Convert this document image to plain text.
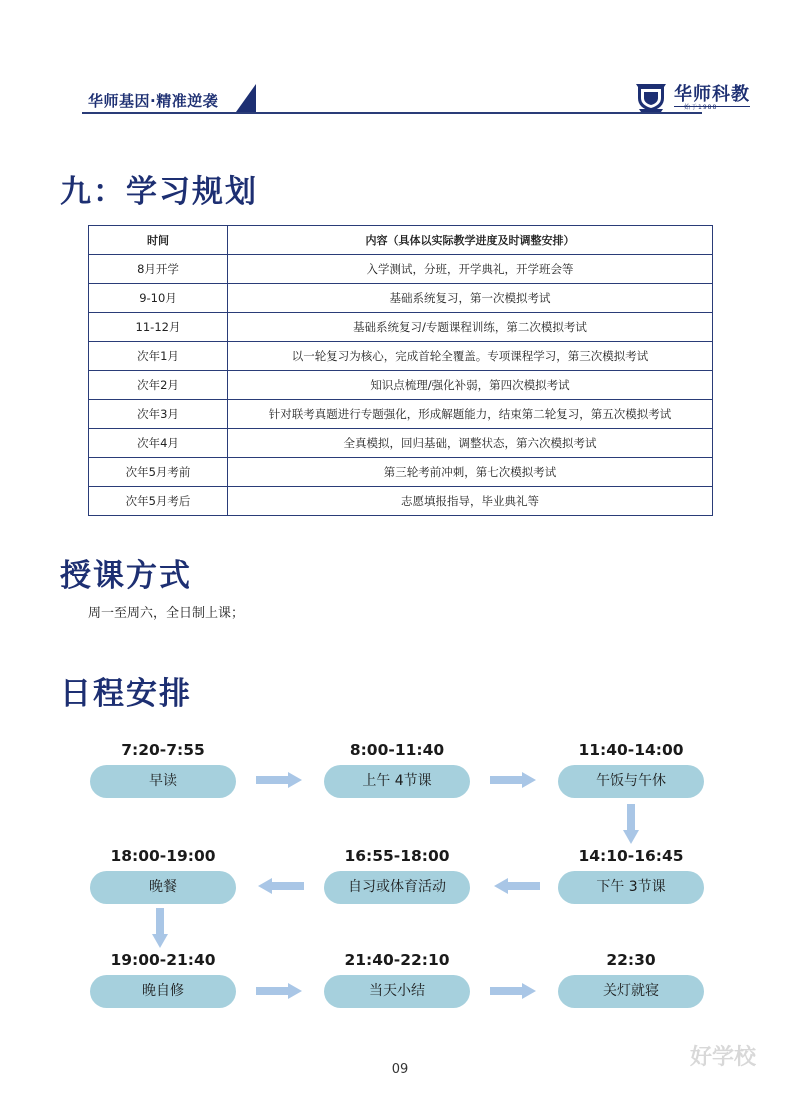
华师基因·精准逆袭	华师科教
始于1988
九：学习规划
时间	内容（具体以实际教学进度及时调整安排）
8月开学	入学测试，分班，开学典礼，开学班会等
9-10月	基础系统复习，第一次模拟考试
11-12月	基础系统复习/专题课程训练，第二次模拟考试
次年1月	以一轮复习为核心，完成首轮全覆盖。专项课程学习，第三次模拟考试
次年2月	知识点梳理/强化补弱，第四次模拟考试
次年3月	针对联考真题进行专题强化，形成解题能力，结束第二轮复习，第五次模拟考试
次年4月	全真模拟，回归基础，调整状态，第六次模拟考试
次年5月考前	第三轮考前冲刺，第七次模拟考试
次年5月考后	志愿填报指导，毕业典礼等
授课方式
周一至周六，全日制上课；
日程安排
7:20-7:55
早读
8:00-11:40
上午 4节课
11:40-14:00
午饭与午休
14:10-16:45
下午 3节课
16:55-18:00
自习或体育活动
18:00-19:00
晚餐
19:00-21:40
晚自修
21:40-22:10
当天小结
22:30
关灯就寝
09	好学校
